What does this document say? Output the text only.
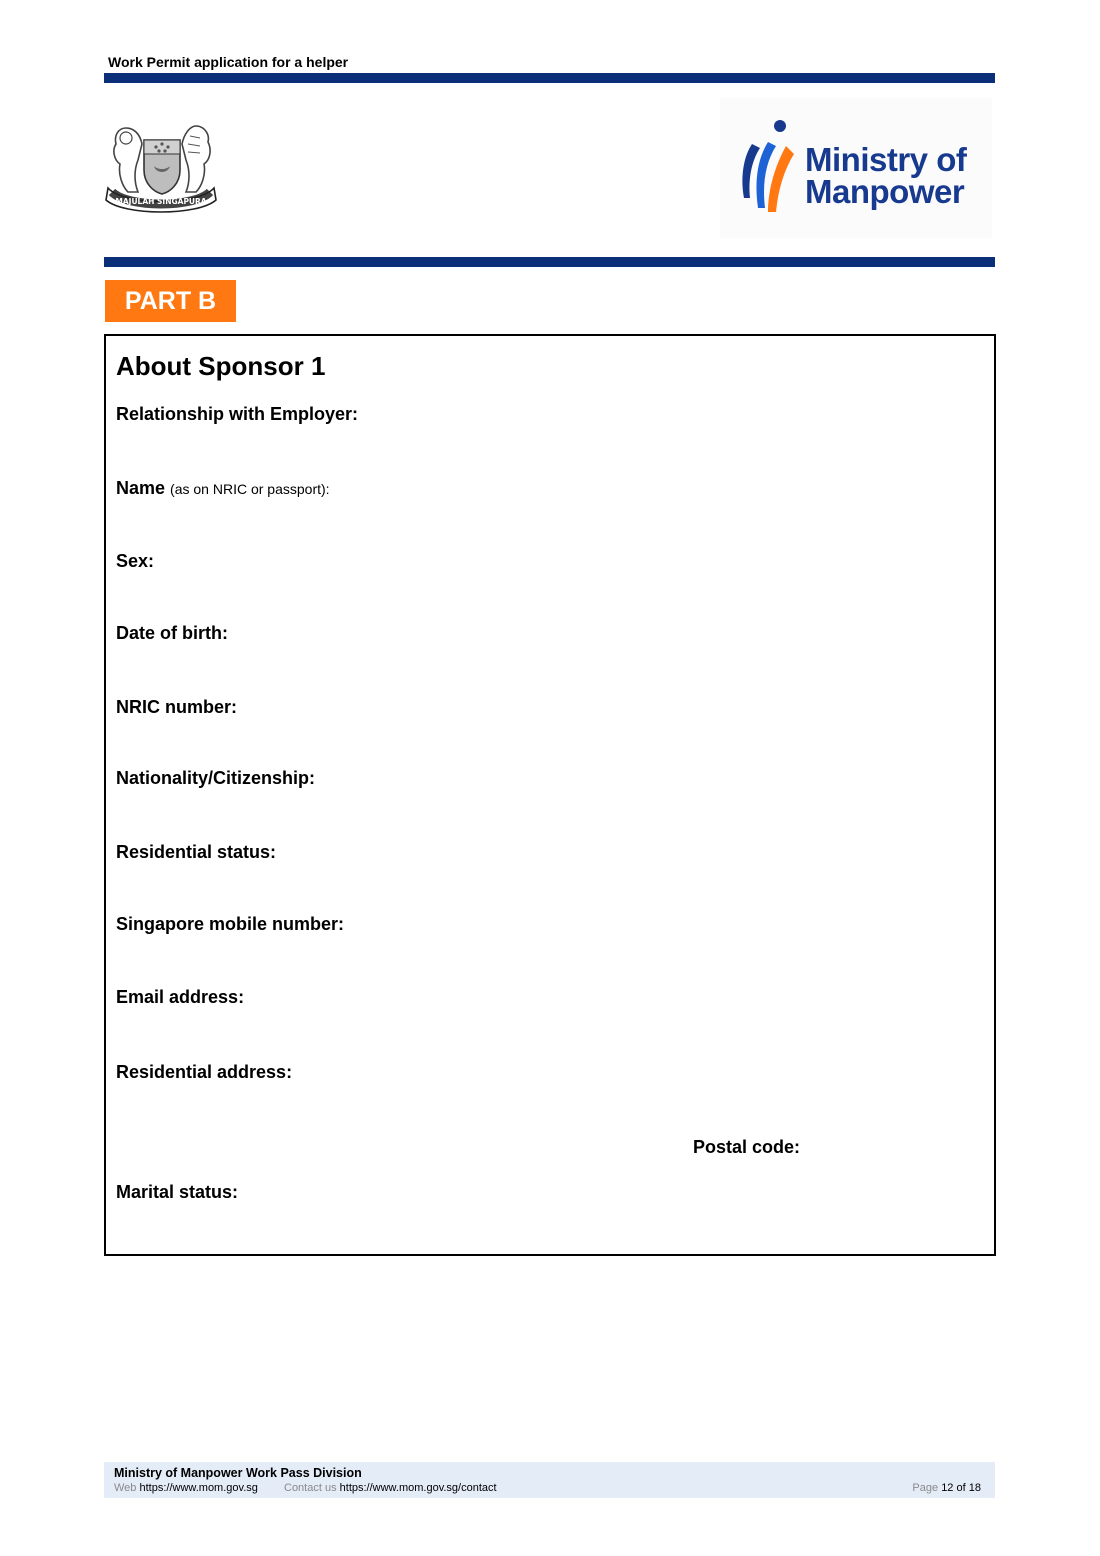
Work Permit application for a helper
MAJULAH SINGAPURA
Ministry of
Manpower
PART B
About Sponsor 1
Relationship with Employer:
Name (as on NRIC or passport):
Sex:
Date of birth:
NRIC number:
Nationality/Citizenship:
Residential status:
Singapore mobile number:
Email address:
Residential address:
Postal code:
Marital status:
Ministry of Manpower Work Pass Division
Web https://www.mom.gov.sg Contact us https://www.mom.gov.sg/contact	Page 12 of 18
